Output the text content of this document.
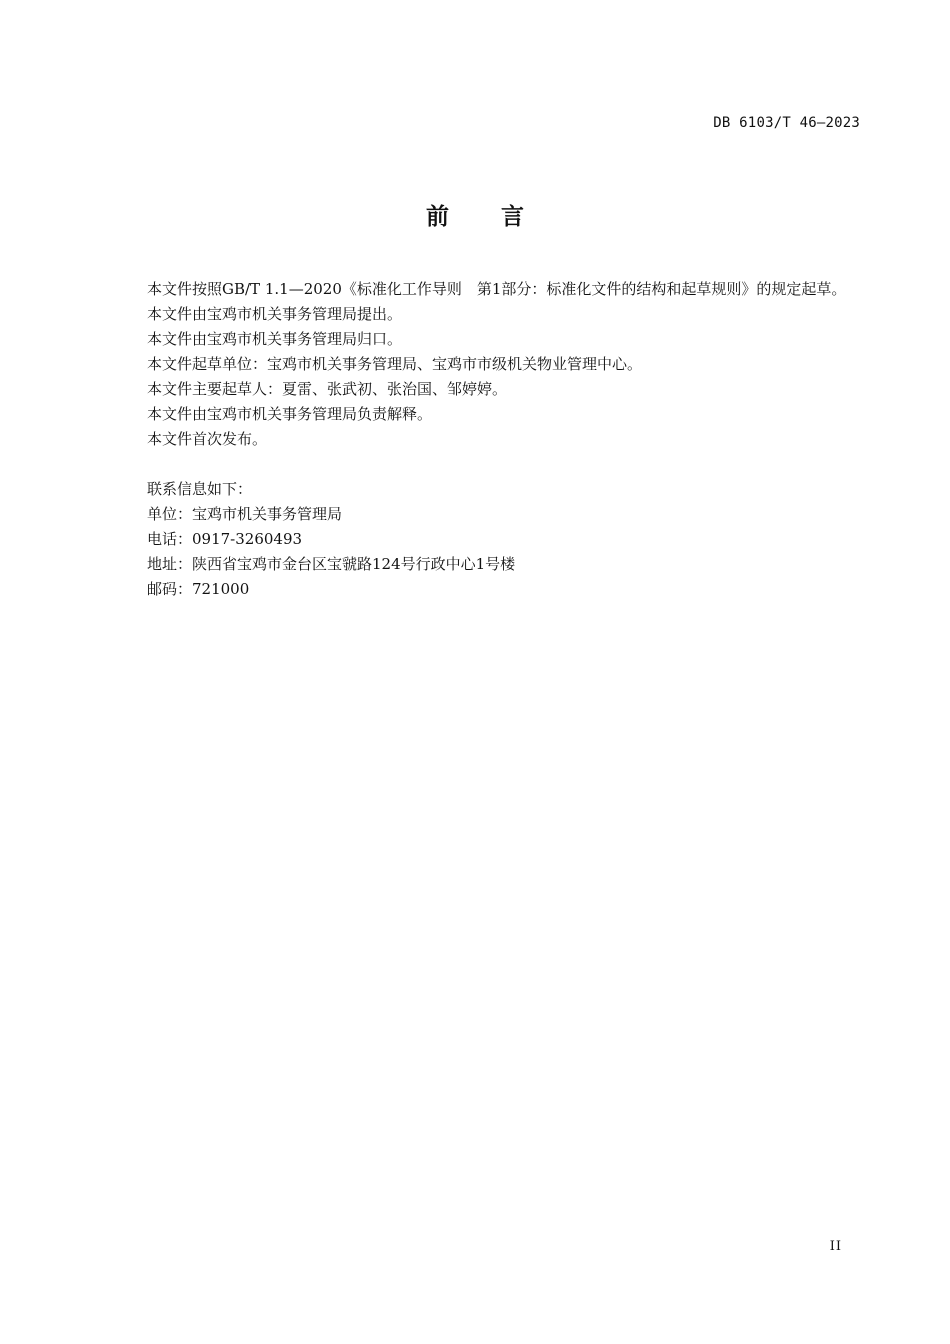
DB 6103/T 46—2023
前言

本文件按照GB/T 1.1—2020《标准化工作导则　第1部分：标准化文件的结构和起草规则》的规定起草。

本文件由宝鸡市机关事务管理局提出。

本文件由宝鸡市机关事务管理局归口。

本文件起草单位：宝鸡市机关事务管理局、宝鸡市市级机关物业管理中心。

本文件主要起草人：夏雷、张武初、张治国、邹婷婷。

本文件由宝鸡市机关事务管理局负责解释。

本文件首次发布。

联系信息如下：

单位：宝鸡市机关事务管理局

电话：0917-3260493

地址：陕西省宝鸡市金台区宝虢路124号行政中心1号楼

邮码：721000

II
